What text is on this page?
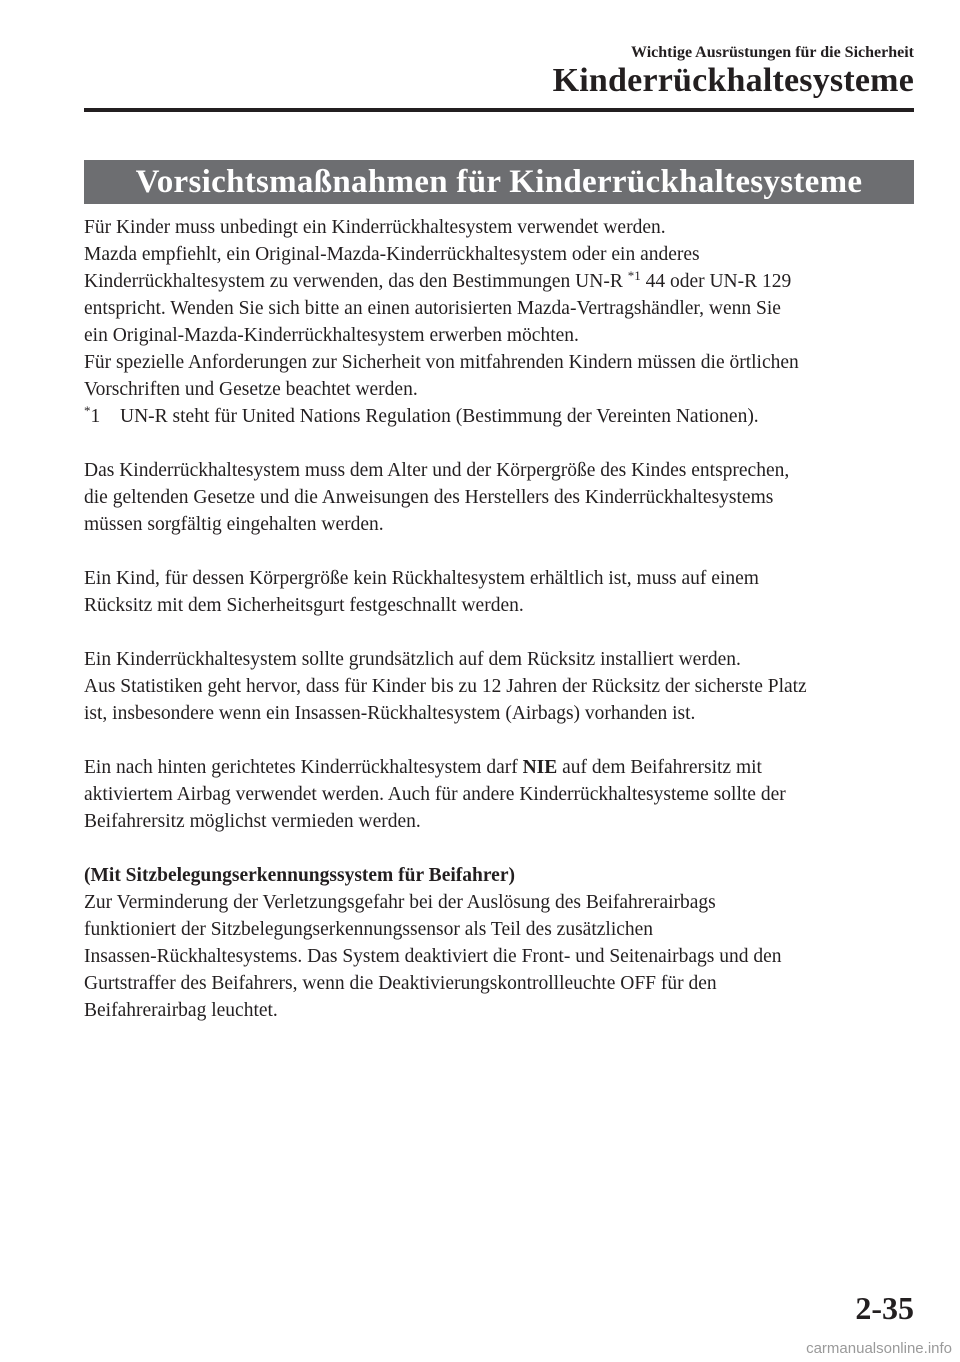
Wichtige Ausrüstungen für die Sicherheit
Kinderrückhaltesysteme
Vorsichtsmaßnahmen für Kinderrückhaltesysteme

Für Kinder muss unbedingt ein Kinderrückhaltesystem verwendet werden.

Mazda empfiehlt, ein Original-Mazda-Kinderrückhaltesystem oder ein anderes

Kinderrückhaltesystem zu verwenden, das den Bestimmungen UN-R $^{*1}$ 44 oder UN-R 129

entspricht. Wenden Sie sich bitte an einen autorisierten Mazda-Vertragshändler, wenn Sie

ein Original-Mazda-Kinderrückhaltesystem erwerben möchten.

Für spezielle Anforderungen zur Sicherheit von mitfahrenden Kindern müssen die örtlichen

Vorschriften und Gesetze beachtet werden.

*1	UN-R steht für United Nations Regulation (Bestimmung der Vereinten Nationen).

Das Kinderrückhaltesystem muss dem Alter und der Körpergröße des Kindes entsprechen,

die geltenden Gesetze und die Anweisungen des Herstellers des Kinderrückhaltesystems

müssen sorgfältig eingehalten werden.

Ein Kind, für dessen Körpergröße kein Rückhaltesystem erhältlich ist, muss auf einem

Rücksitz mit dem Sicherheitsgurt festgeschnallt werden.

Ein Kinderrückhaltesystem sollte grundsätzlich auf dem Rücksitz installiert werden.

Aus Statistiken geht hervor, dass für Kinder bis zu 12 Jahren der Rücksitz der sicherste Platz

ist, insbesondere wenn ein Insassen-Rückhaltesystem (Airbags) vorhanden ist.

Ein nach hinten gerichtetes Kinderrückhaltesystem darf NIE auf dem Beifahrersitz mit

aktiviertem Airbag verwendet werden. Auch für andere Kinderrückhaltesysteme sollte der

Beifahrersitz möglichst vermieden werden.

(Mit Sitzbelegungserkennungssystem für Beifahrer)

Zur Verminderung der Verletzungsgefahr bei der Auslösung des Beifahrerairbags

funktioniert der Sitzbelegungserkennungssensor als Teil des zusätzlichen

Insassen-Rückhaltesystems. Das System deaktiviert die Front- und Seitenairbags und den

Gurtstraffer des Beifahrers, wenn die Deaktivierungskontrollleuchte OFF für den

Beifahrerairbag leuchtet.

2-35
carmanualsonline.info
